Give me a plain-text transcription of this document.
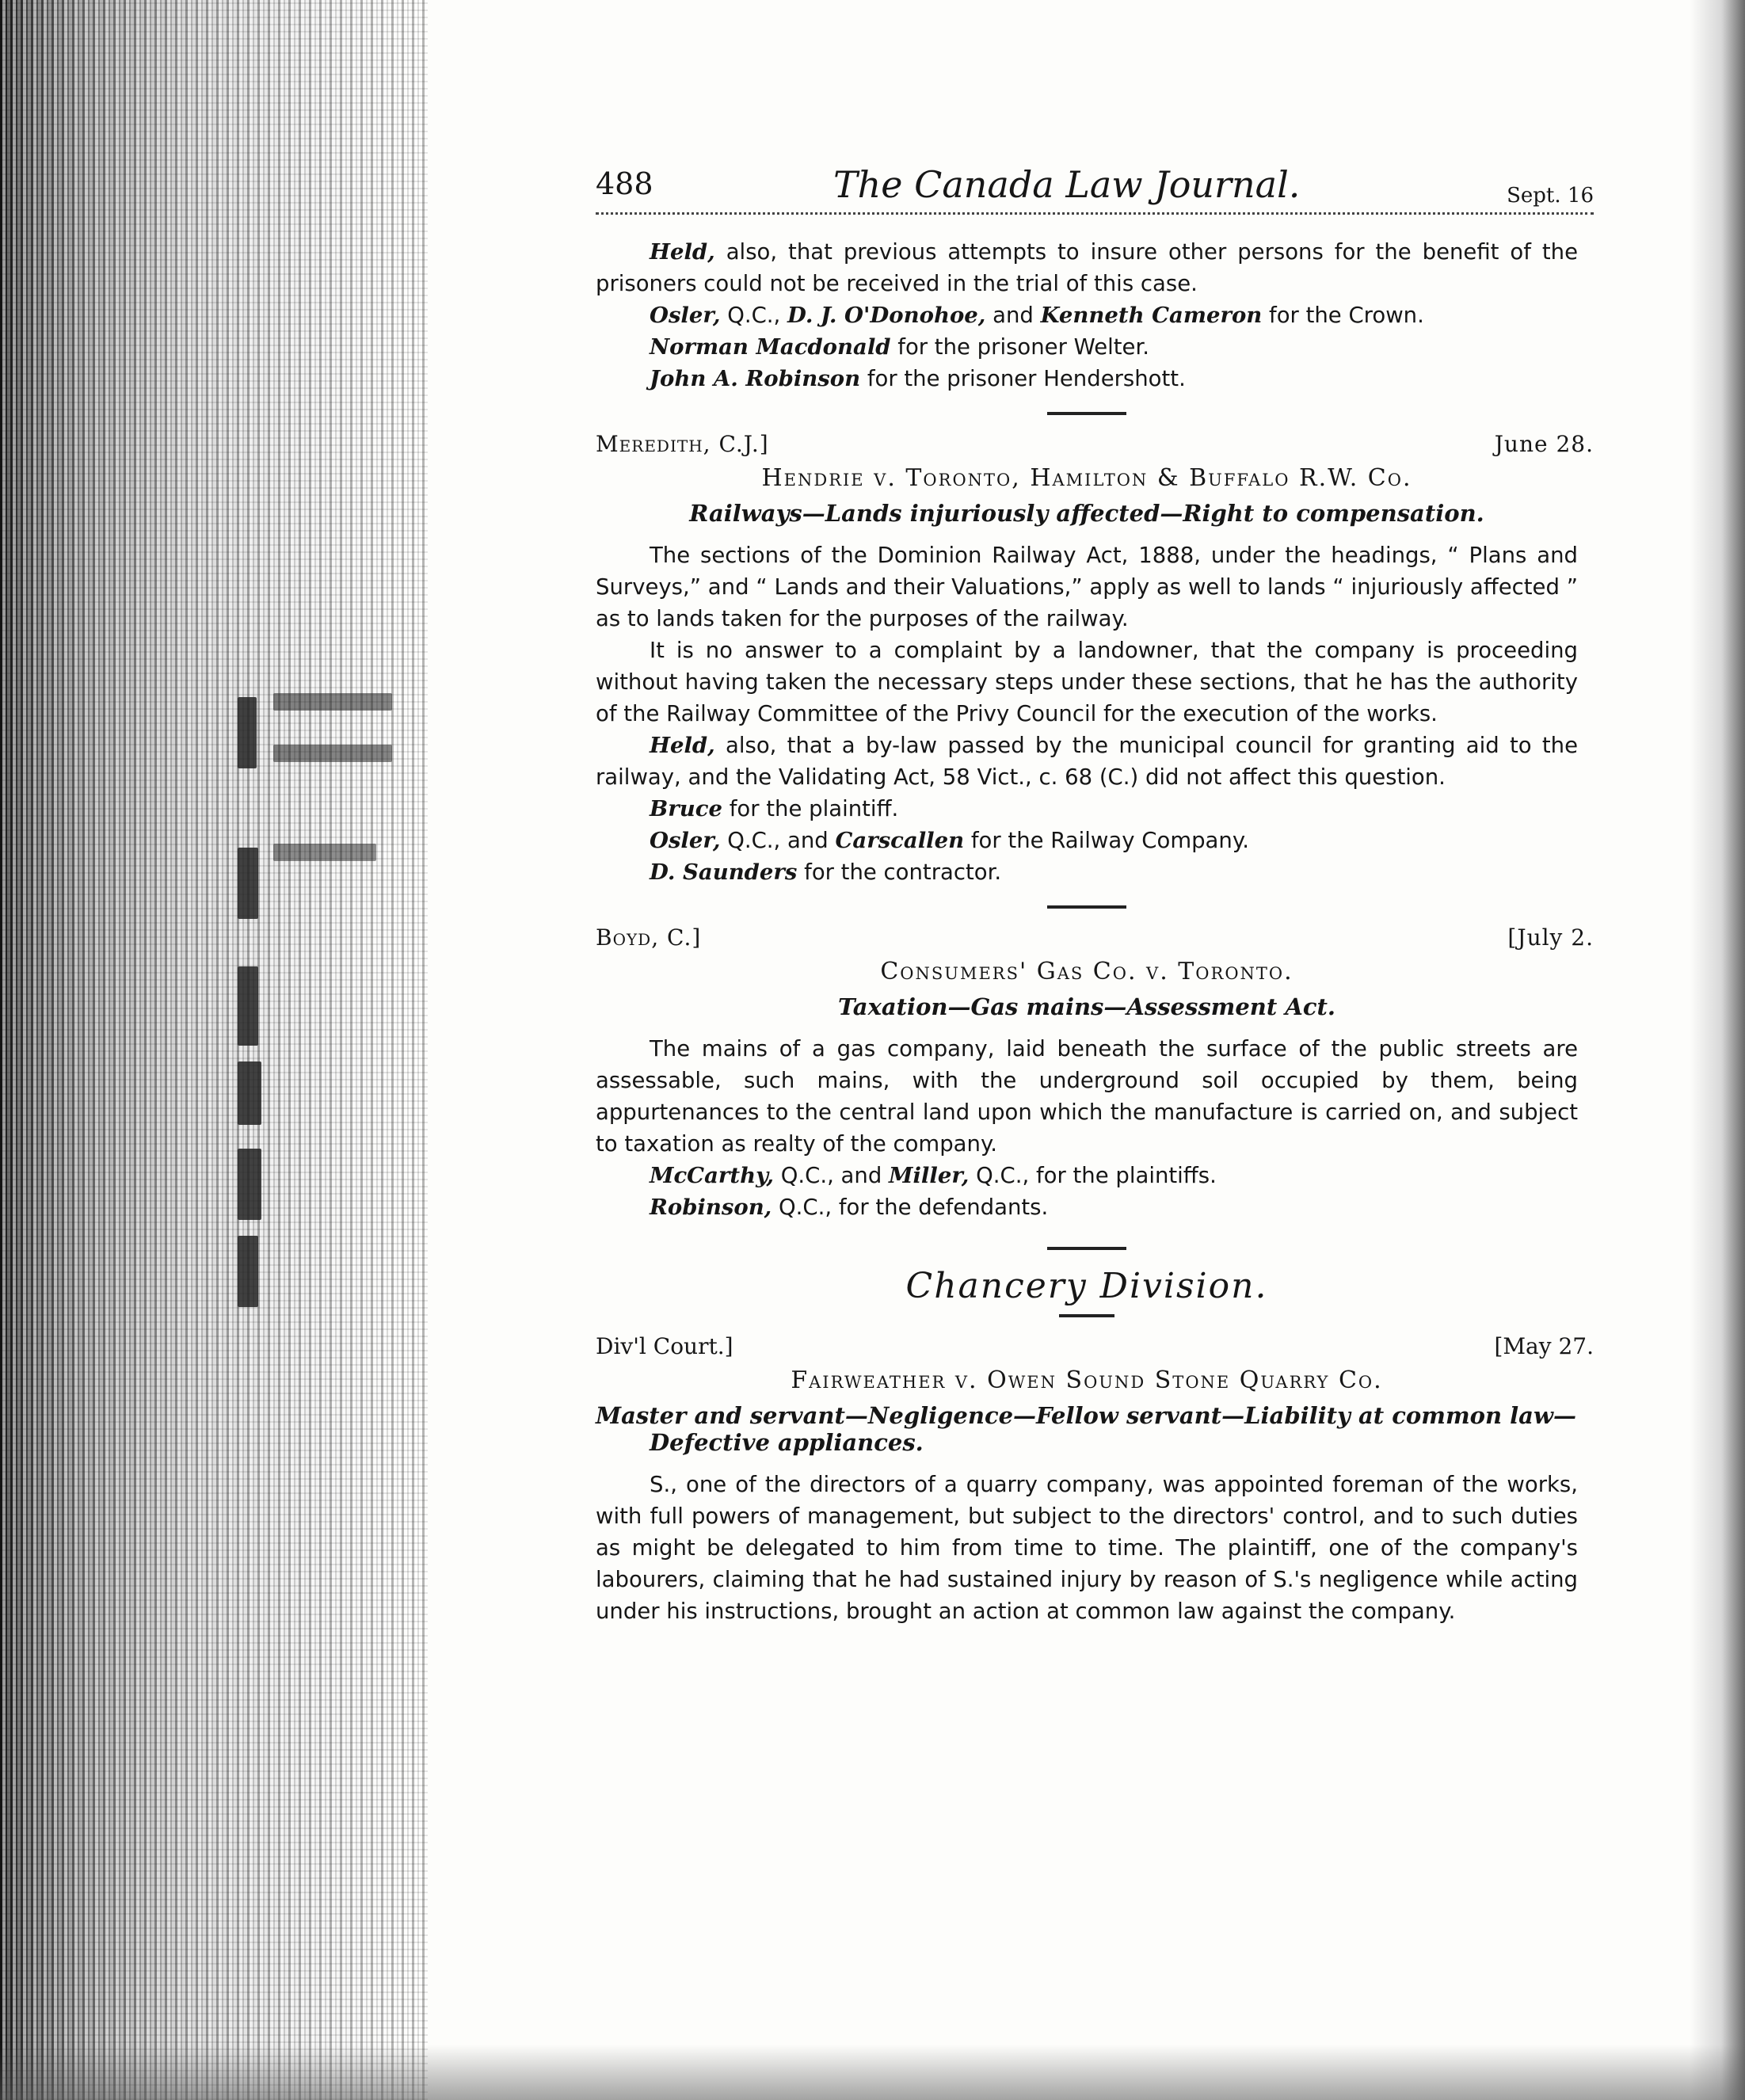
488	The Canada Law Journal.	Sept. 16

Held, also, that previous attempts to insure other persons for the benefit of the prisoners could not be received in the trial of this case.

Osler, Q.C., D. J. O'Donohoe, and Kenneth Cameron for the Crown.

Norman Macdonald for the prisoner Welter.

John A. Robinson for the prisoner Hendershott.

Meredith, C.J.]	June 28.
Hendrie v. Toronto, Hamilton & Buffalo R.W. Co.
Railways—Lands injuriously affected—Right to compensation.

The sections of the Dominion Railway Act, 1888, under the headings, “ Plans and Surveys,” and “ Lands and their Valuations,” apply as well to lands “ injuriously affected ” as to lands taken for the purposes of the railway.

It is no answer to a complaint by a landowner, that the company is proceeding without having taken the necessary steps under these sections, that he has the authority of the Railway Committee of the Privy Council for the execution of the works.

Held, also, that a by-law passed by the municipal council for granting aid to the railway, and the Validating Act, 58 Vict., c. 68 (C.) did not affect this question.

Bruce for the plaintiff.

Osler, Q.C., and Carscallen for the Railway Company.

D. Saunders for the contractor.

Boyd, C.]	[July 2.
Consumers' Gas Co. v. Toronto.
Taxation—Gas mains—Assessment Act.

The mains of a gas company, laid beneath the surface of the public streets are assessable, such mains, with the underground soil occupied by them, being appurtenances to the central land upon which the manufacture is carried on, and subject to taxation as realty of the company.

McCarthy, Q.C., and Miller, Q.C., for the plaintiffs.

Robinson, Q.C., for the defendants.

Chancery Division.
Div'l Court.]	[May 27.
Fairweather v. Owen Sound Stone Quarry Co.
Master and servant—Negligence—Fellow servant—Liability at common law—
Defective appliances.

S., one of the directors of a quarry company, was appointed foreman of the works, with full powers of management, but subject to the directors' control, and to such duties as might be delegated to him from time to time. The plaintiff, one of the company's labourers, claiming that he had sustained injury by reason of S.'s negligence while acting under his instructions, brought an action at common law against the company.
